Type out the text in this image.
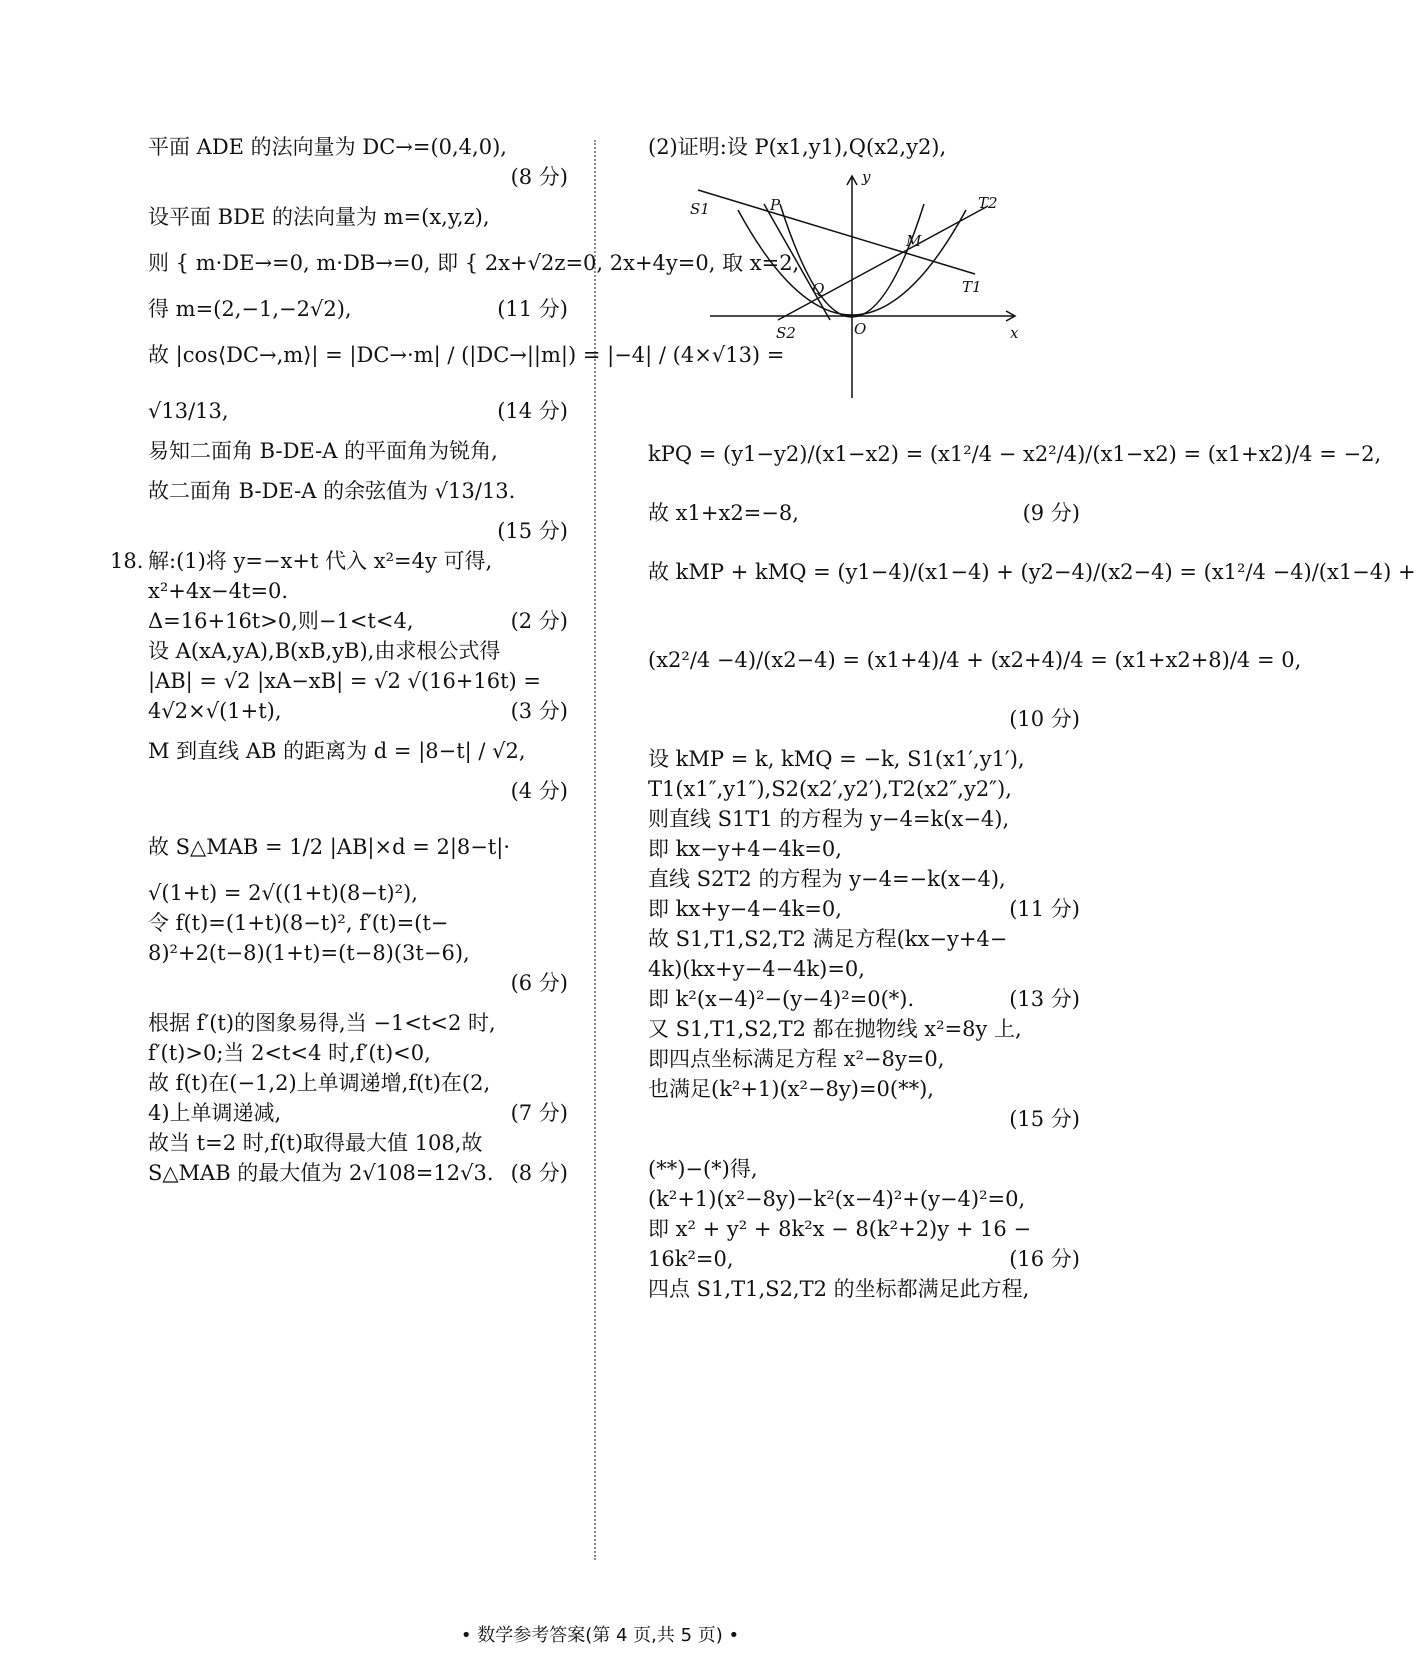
平面 ADE 的法向量为 DC→=(0,4,0),
(8 分)
设平面 BDE 的法向量为 m=(x,y,z),
则 { m·DE→=0, m·DB→=0, 即 { 2x+√2z=0, 2x+4y=0, 取 x=2,
得 m=(2,−1,−2√2),	(11 分)
故 |cos⟨DC→,m⟩| = |DC→·m| / (|DC→||m|) = |−4| / (4×√13) =
√13/13,	(14 分)
易知二面角 B-DE-A 的平面角为锐角,
故二面角 B-DE-A 的余弦值为 √13/13.
(15 分)
18. 解:(1)将 y=−x+t 代入 x²=4y 可得,
x²+4x−4t=0.
Δ=16+16t>0,则−1<t<4,	(2 分)
设 A(xA,yA),B(xB,yB),由求根公式得
|AB| = √2 |xA−xB| = √2 √(16+16t) =
4√2×√(1+t),	(3 分)
M 到直线 AB 的距离为 d = |8−t| / √2,
(4 分)
故 S△MAB = 1/2 |AB|×d = 2|8−t|·
√(1+t) = 2√((1+t)(8−t)²),
令 f(t)=(1+t)(8−t)², f′(t)=(t−
8)²+2(t−8)(1+t)=(t−8)(3t−6),
(6 分)
根据 f′(t)的图象易得,当 −1<t<2 时,
f′(t)>0;当 2<t<4 时,f′(t)<0,
故 f(t)在(−1,2)上单调递增,f(t)在(2,
4)上单调递减,	(7 分)
故当 t=2 时,f(t)取得最大值 108,故
S△MAB 的最大值为 2√108=12√3. (8 分)
(2)证明:设 P(x1,y1),Q(x2,y2),
y
x
O
P
Q
M
S1
S2
T1
T2
kPQ = (y1−y2)/(x1−x2) = (x1²/4 − x2²/4)/(x1−x2) = (x1+x2)/4 = −2,
故 x1+x2=−8,	(9 分)
故 kMP + kMQ = (y1−4)/(x1−4) + (y2−4)/(x2−4) = (x1²/4 −4)/(x1−4) +
(x2²/4 −4)/(x2−4) = (x1+4)/4 + (x2+4)/4 = (x1+x2+8)/4 = 0,
(10 分)
设 kMP = k, kMQ = −k, S1(x1′,y1′),
T1(x1″,y1″),S2(x2′,y2′),T2(x2″,y2″),
则直线 S1T1 的方程为 y−4=k(x−4),
即 kx−y+4−4k=0,
直线 S2T2 的方程为 y−4=−k(x−4),
即 kx+y−4−4k=0,	(11 分)
故 S1,T1,S2,T2 满足方程(kx−y+4−
4k)(kx+y−4−4k)=0,
即 k²(x−4)²−(y−4)²=0(*).	(13 分)
又 S1,T1,S2,T2 都在抛物线 x²=8y 上,
即四点坐标满足方程 x²−8y=0,
也满足(k²+1)(x²−8y)=0(**),
(15 分)
(**)−(*)得,
(k²+1)(x²−8y)−k²(x−4)²+(y−4)²=0,
即 x² + y² + 8k²x − 8(k²+2)y + 16 −
16k²=0,	(16 分)
四点 S1,T1,S2,T2 的坐标都满足此方程,
• 数学参考答案(第 4 页,共 5 页) •
